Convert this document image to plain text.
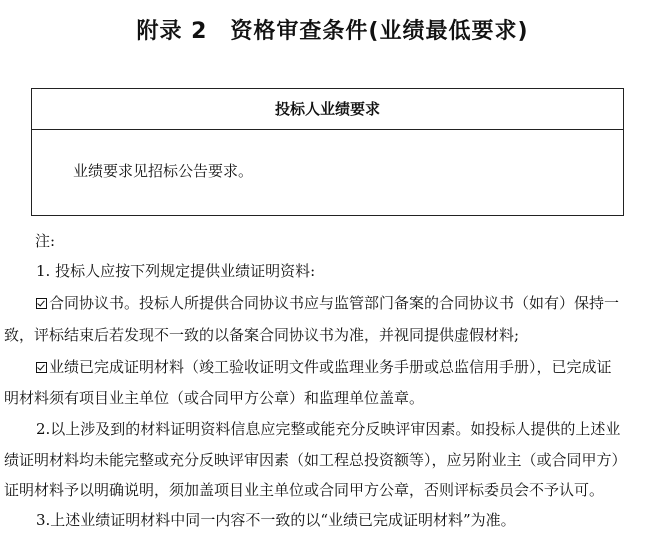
附录 2　资格审查条件(业绩最低要求)
投标人业绩要求
业绩要求见招标公告要求。
注:
1. 投标人应按下列规定提供业绩证明资料:
合同协议书。投标人所提供合同协议书应与监管部门备案的合同协议书（如有）保持一
致，评标结束后若发现不一致的以备案合同协议书为准，并视同提供虚假材料;
业绩已完成证明材料（竣工验收证明文件或监理业务手册或总监信用手册），已完成证
明材料须有项目业主单位（或合同甲方公章）和监理单位盖章。
2.以上涉及到的材料证明资料信息应完整或能充分反映评审因素。如投标人提供的上述业
绩证明材料均未能完整或充分反映评审因素（如工程总投资额等），应另附业主（或合同甲方）
证明材料予以明确说明，须加盖项目业主单位或合同甲方公章，否则评标委员会不予认可。
3.上述业绩证明材料中同一内容不一致的以“业绩已完成证明材料”为准。
